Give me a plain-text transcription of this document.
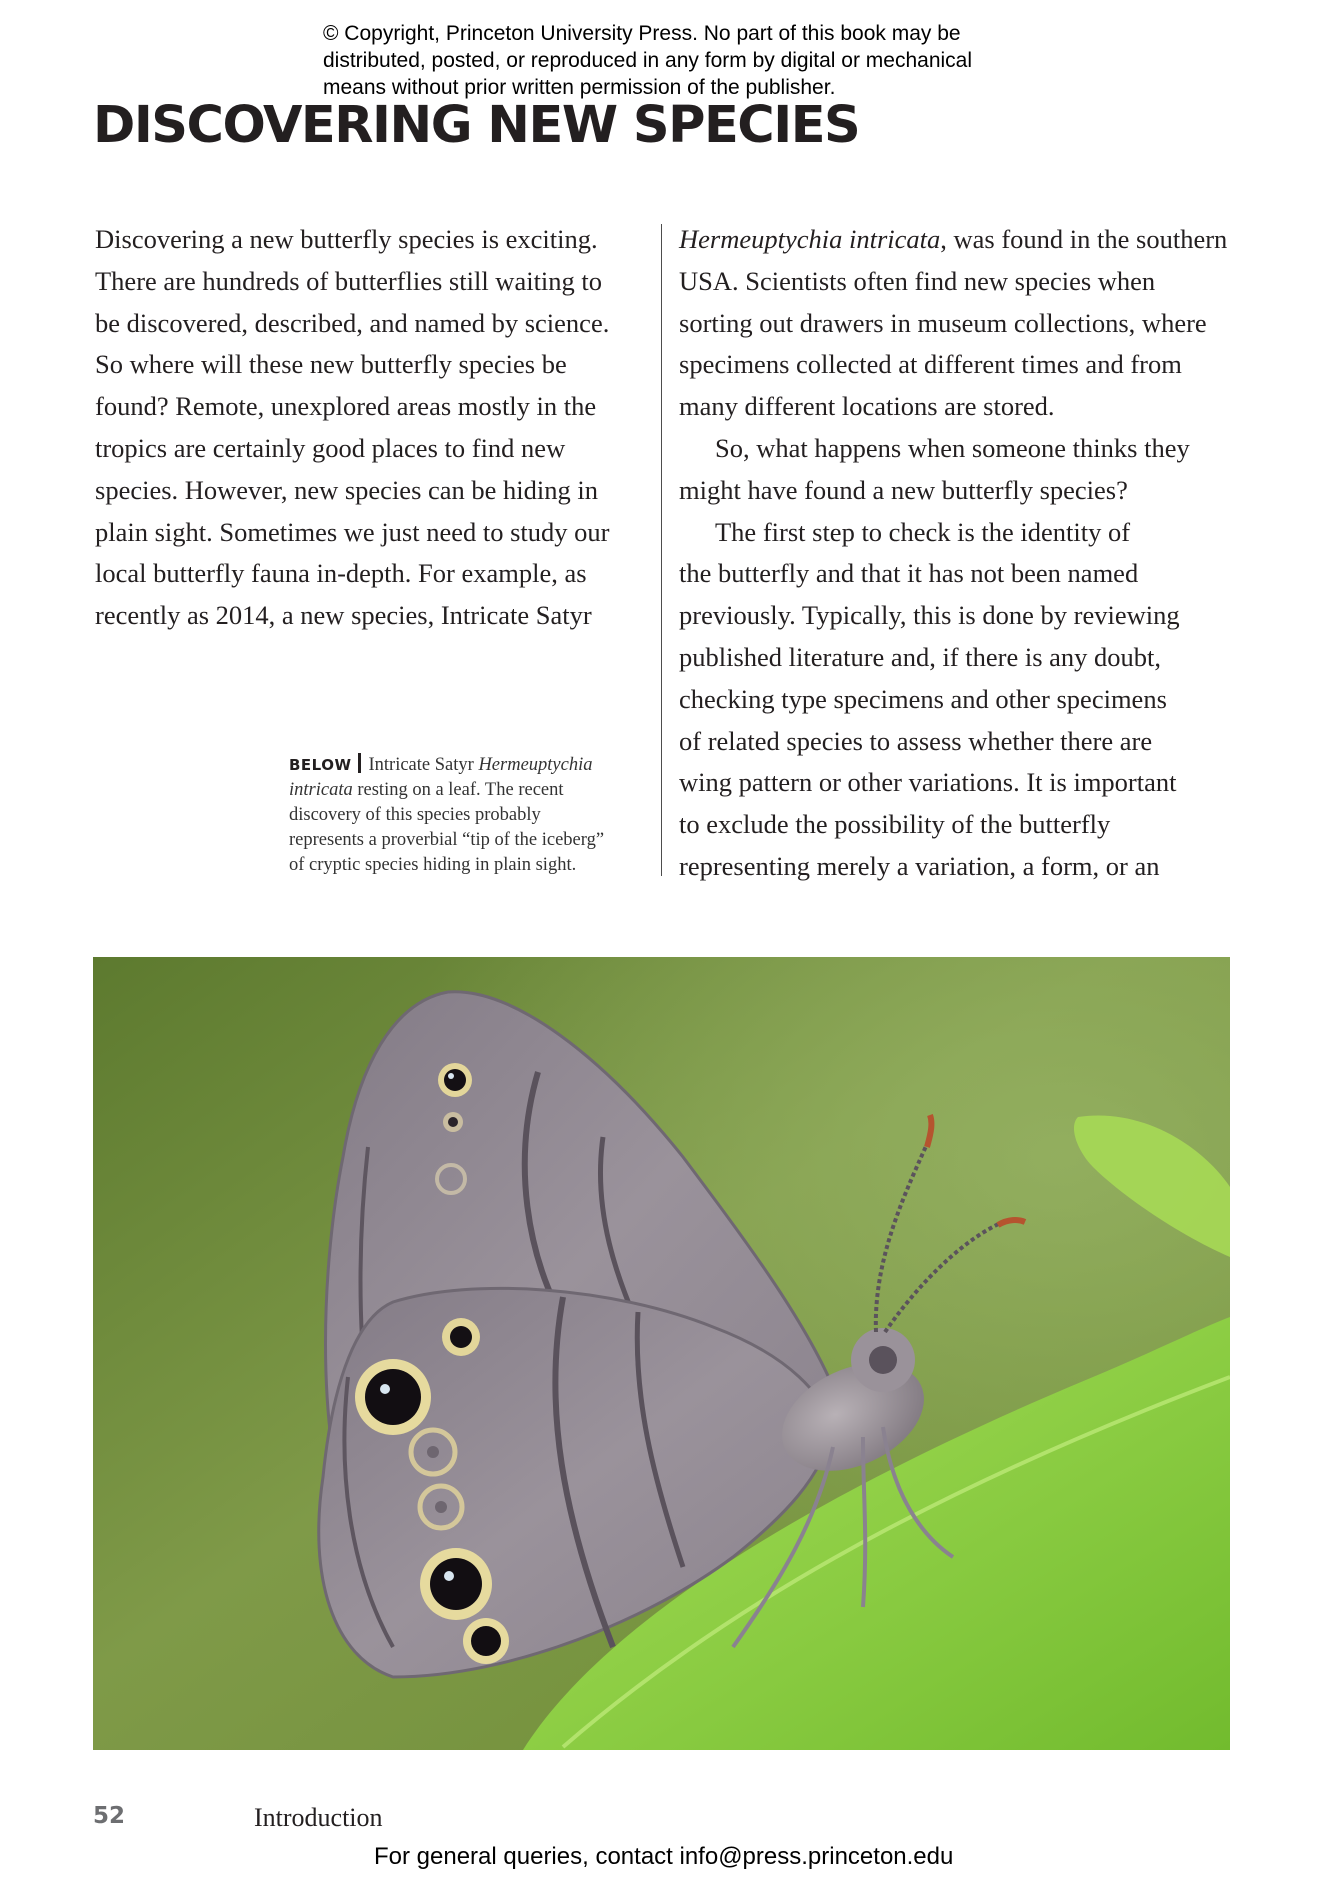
© Copyright, Princeton University Press. No part of this book may be
distributed, posted, or reproduced in any form by digital or mechanical
means without prior written permission of the publisher.
DISCOVERING NEW SPECIES
Discovering a new butterfly species is exciting.
There are hundreds of butterflies still waiting to
be discovered, described, and named by science.
So where will these new butterfly species be
found? Remote, unexplored areas mostly in the
tropics are certainly good places to find new
species. However, new species can be hiding in
plain sight. Sometimes we just need to study our
local butterfly fauna in-depth. For example, as
recently as 2014, a new species, Intricate Satyr
Hermeuptychia intricata, was found in the southern
USA. Scientists often find new species when
sorting out drawers in museum collections, where
specimens collected at different times and from
many different locations are stored.
So, what happens when someone thinks they
might have found a new butterfly species?
The first step to check is the identity of
the butterfly and that it has not been named
previously. Typically, this is done by reviewing
published literature and, if there is any doubt,
checking type specimens and other specimens
of related species to assess whether there are
wing pattern or other variations. It is important
to exclude the possibility of the butterfly
representing merely a variation, a form, or an
BELOW Intricate Satyr Hermeuptychia
intricata resting on a leaf. The recent
discovery of this species probably
represents a proverbial “tip of the iceberg”
of cryptic species hiding in plain sight.
52	Introduction
For general queries, contact info@press.princeton.edu
